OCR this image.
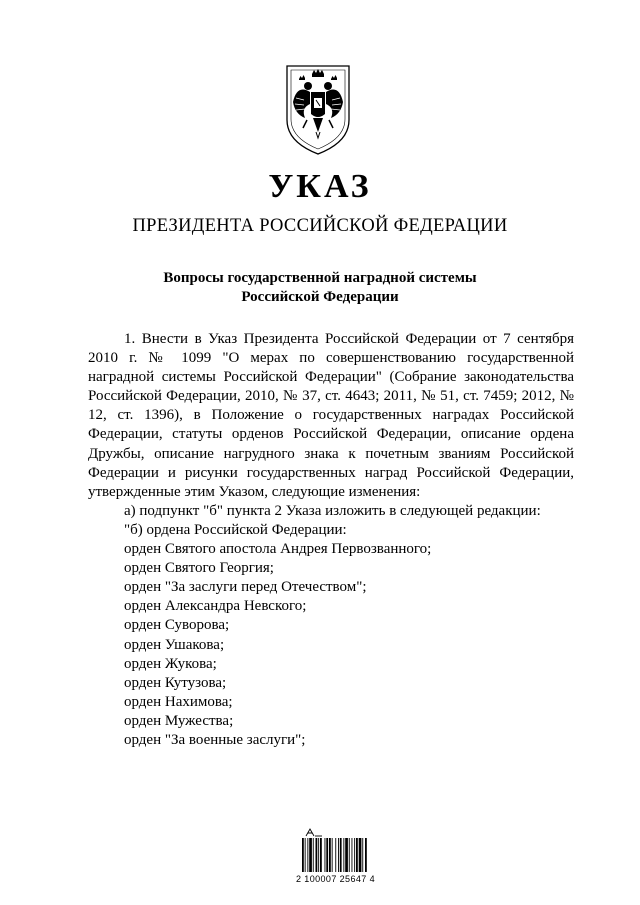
УКАЗ
ПРЕЗИДЕНТА РОССИЙСКОЙ ФЕДЕРАЦИИ
Вопросы государственной наградной системы
Российской Федерации

1. Внести в Указ Президента Российской Федерации от 7 сентября 2010 г. № 1099 "О мерах по совершенствованию государственной наградной системы Российской Федерации" (Собрание законодательства Российской Федерации, 2010, № 37, ст. 4643; 2011, № 51, ст. 7459; 2012, № 12, ст. 1396), в Положение о государственных наградах Российской Федерации, статуты орденов Российской Федерации, описание ордена Дружбы, описание нагрудного знака к почетным званиям Российской Федерации и рисунки государственных наград Российской Федерации, утвержденные этим Указом, следующие изменения:

а) подпункт "б" пункта 2 Указа изложить в следующей редакции:

"б) ордена Российской Федерации:
орден Святого апостола Андрея Первозванного;
орден Святого Георгия;
орден "За заслуги перед Отечеством";
орден Александра Невского;
орден Суворова;
орден Ушакова;
орден Жукова;
орден Кутузова;
орден Нахимова;
орден Мужества;
орден "За военные заслуги";
2 100007 25647 4
